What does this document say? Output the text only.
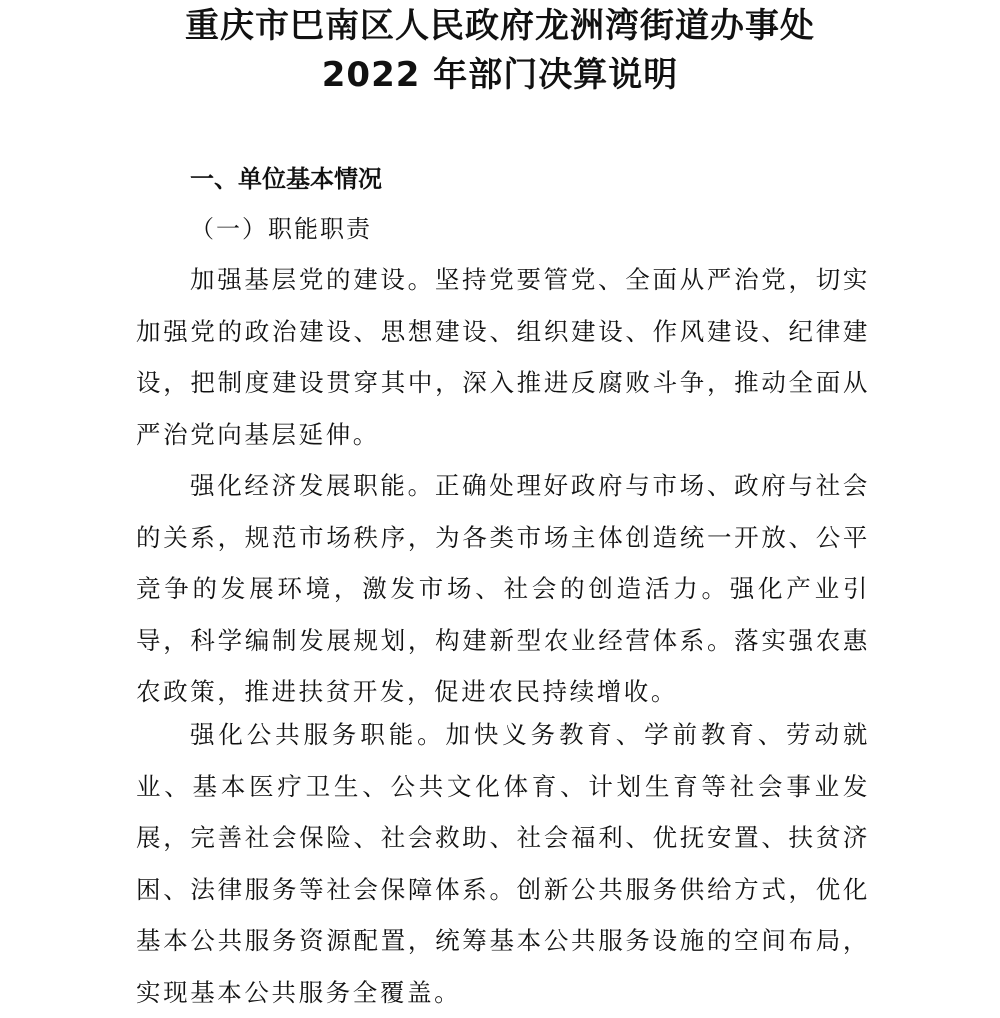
重庆市巴南区人民政府龙洲湾街道办事处
2022 年部门决算说明
一、单位基本情况
（一）职能职责

加强基层党的建设。坚持党要管党、全面从严治党，切实加强党的政治建设、思想建设、组织建设、作风建设、纪律建设，把制度建设贯穿其中，深入推进反腐败斗争，推动全面从严治党向基层延伸。

强化经济发展职能。正确处理好政府与市场、政府与社会的关系，规范市场秩序，为各类市场主体创造统一开放、公平竞争的发展环境，激发市场、社会的创造活力。强化产业引导，科学编制发展规划，构建新型农业经营体系。落实强农惠农政策，推进扶贫开发，促进农民持续增收。

强化公共服务职能。加快义务教育、学前教育、劳动就业、基本医疗卫生、公共文化体育、计划生育等社会事业发展，完善社会保险、社会救助、社会福利、优抚安置、扶贫济困、法律服务等社会保障体系。创新公共服务供给方式，优化基本公共服务资源配置，统筹基本公共服务设施的空间布局，实现基本公共服务全覆盖。
